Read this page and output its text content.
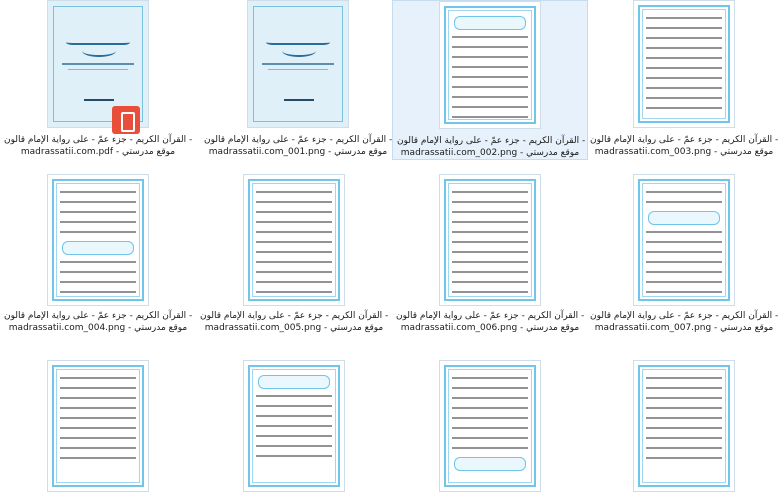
القرآن الكريم - جزء عمّ - على رواية الإمام قالون -
madrassatii.com.pdf - موقع مدرستي
القرآن الكريم - جزء عمّ - على رواية الإمام قالون -
madrassatii.com_001.png - موقع مدرستي
القرآن الكريم - جزء عمّ - على رواية الإمام قالون -
madrassatii.com_002.png - موقع مدرستي
القرآن الكريم - جزء عمّ - على رواية الإمام قالون -
madrassatii.com_003.png - موقع مدرستي
القرآن الكريم - جزء عمّ - على رواية الإمام قالون -
madrassatii.com_004.png - موقع مدرستي
القرآن الكريم - جزء عمّ - على رواية الإمام قالون -
madrassatii.com_005.png - موقع مدرستي
القرآن الكريم - جزء عمّ - على رواية الإمام قالون -
madrassatii.com_006.png - موقع مدرستي
القرآن الكريم - جزء عمّ - على رواية الإمام قالون -
madrassatii.com_007.png - موقع مدرستي
